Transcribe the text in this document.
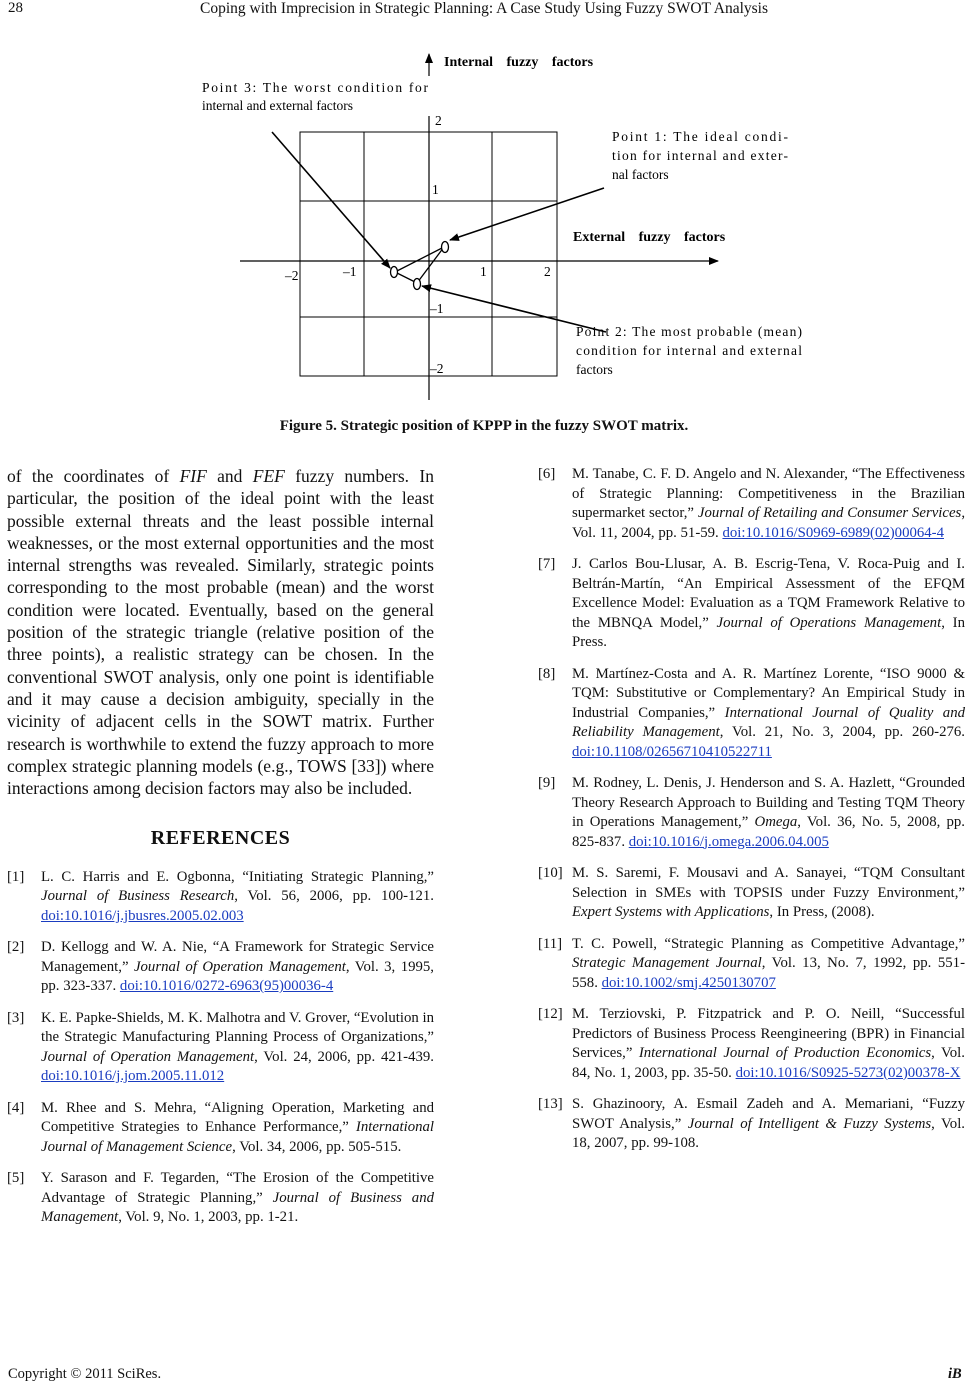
28	Coping with Imprecision in Strategic Planning: A Case Study Using Fuzzy SWOT Analysis
Internal fuzzy factors
External fuzzy factors
2
1
–1
–2
–2	–1	1	2
Point 3: The worst condition for
internal and external factors
Point 1: The ideal condi-
tion for internal and exter-
nal factors
Point 2: The most probable (mean)
condition for internal and external
factors
Figure 5. Strategic position of KPPP in the fuzzy SWOT matrix.

of the coordinates of FIF and FEF fuzzy numbers. In particular, the position of the ideal point with the least possible external threats and the least possible internal weaknesses, or the most external opportunities and the most internal strengths was revealed. Similarly, strategic points corresponding to the most probable (mean) and the worst condition were located. Eventually, based on the general position of the strategic triangle (relative position of the three points), a realistic strategy can be chosen. In the conventional SWOT analysis, only one point is identifiable and it may cause a decision ambiguity, specially in the vicinity of adjacent cells in the SOWT matrix. Further research is worthwhile to extend the fuzzy approach to more complex strategic planning models (e.g., TOWS [33]) where interactions among decision factors may also be included.

REFERENCES
[1] L. C. Harris and E. Ogbonna, “Initiating Strategic Planning,” Journal of Business Research, Vol. 56, 2006, pp. 100-121. doi:10.1016/j.jbusres.2005.02.003
[2] D. Kellogg and W. A. Nie, “A Framework for Strategic Service Management,” Journal of Operation Management, Vol. 3, 1995, pp. 323-337. doi:10.1016/0272-6963(95)00036-4
[3] K. E. Papke-Shields, M. K. Malhotra and V. Grover, “Evolution in the Strategic Manufacturing Planning Process of Organizations,” Journal of Operation Management, Vol. 24, 2006, pp. 421-439. doi:10.1016/j.jom.2005.11.012
[4] M. Rhee and S. Mehra, “Aligning Operation, Marketing and Competitive Strategies to Enhance Performance,” International Journal of Management Science, Vol. 34, 2006, pp. 505-515.
[5] Y. Sarason and F. Tegarden, “The Erosion of the Competitive Advantage of Strategic Planning,” Journal of Business and Management, Vol. 9, No. 1, 2003, pp. 1-21.
[6] M. Tanabe, C. F. D. Angelo and N. Alexander, “The Effectiveness of Strategic Planning: Competitiveness in the Brazilian supermarket sector,” Journal of Retailing and Consumer Services, Vol. 11, 2004, pp. 51-59. doi:10.1016/S0969-6989(02)00064-4
[7] J. Carlos Bou-Llusar, A. B. Escrig-Tena, V. Roca-Puig and I. Beltrán-Martín, “An Empirical Assessment of the EFQM Excellence Model: Evaluation as a TQM Framework Relative to the MBNQA Model,” Journal of Operations Management, In Press.
[8] M. Martínez-Costa and A. R. Martínez Lorente, “ISO 9000 & TQM: Substitutive or Complementary? An Empirical Study in Industrial Companies,” International Journal of Quality and Reliability Management, Vol. 21, No. 3, 2004, pp. 260-276. doi:10.1108/02656710410522711
[9] M. Rodney, L. Denis, J. Henderson and S. A. Hazlett, “Grounded Theory Research Approach to Building and Testing TQM Theory in Operations Management,” Omega, Vol. 36, No. 5, 2008, pp. 825-837. doi:10.1016/j.omega.2006.04.005
[10] M. S. Saremi, F. Mousavi and A. Sanayei, “TQM Consultant Selection in SMEs with TOPSIS under Fuzzy Environment,” Expert Systems with Applications, In Press, (2008).
[11] T. C. Powell, “Strategic Planning as Competitive Advantage,” Strategic Management Journal, Vol. 13, No. 7, 1992, pp. 551-558. doi:10.1002/smj.4250130707
[12] M. Terziovski, P. Fitzpatrick and P. O. Neill, “Successful Predictors of Business Process Reengineering (BPR) in Financial Services,” International Journal of Production Economics, Vol. 84, No. 1, 2003, pp. 35-50. doi:10.1016/S0925-5273(02)00378-X
[13] S. Ghazinoory, A. Esmail Zadeh and A. Memariani, “Fuzzy SWOT Analysis,” Journal of Intelligent & Fuzzy Systems, Vol. 18, 2007, pp. 99-108.
Copyright © 2011 SciRes.	iB
